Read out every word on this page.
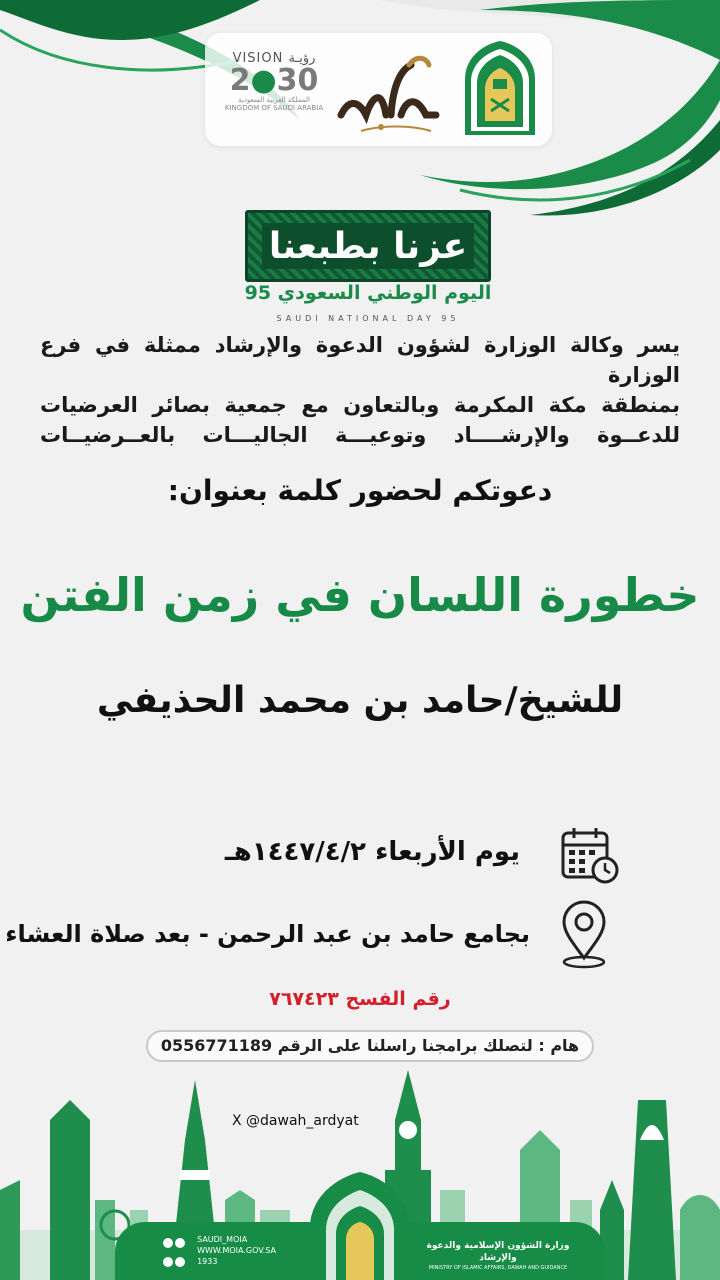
VISION رؤيـة
2●30
المملكة العربية السعودية
KINGDOM OF SAUDI ARABIA
عزنا بطبعنا
اليوم الوطني السعودي 95
SAUDI NATIONAL DAY 95

يسر وكالة الوزارة لشؤون الدعوة والإرشاد ممثلة في فرع الوزارة

بمنطقة مكة المكرمة وبالتعاون مع جمعية بصائر العرضيات

للدعــوة والإرشــــاد وتوعيـــة الجاليـــات بالعــرضيــات

دعوتكم لحضور كلمة بعنوان:
خطورة اللسان في زمن الفتن
للشيخ/حامد بن محمد الحذيفي
يوم الأربعاء ١٤٤٧/٤/٢هـ
بجامع حامد بن عبد الرحمن - بعد صلاة العشاء
رقم الفسح ٧٦٧٤٢٣
هام : لتصلك برامجنا راسلنا على الرقم 0556771189
X @dawah_ardyat

SAUDI_MOIA
WWW.MOIA.GOV.SA
1933
وزارة الشؤون الإسلامية والدعوة والإرشاد
MINISTRY OF ISLAMIC AFFAIRS, DAWAH AND GUIDANCE
